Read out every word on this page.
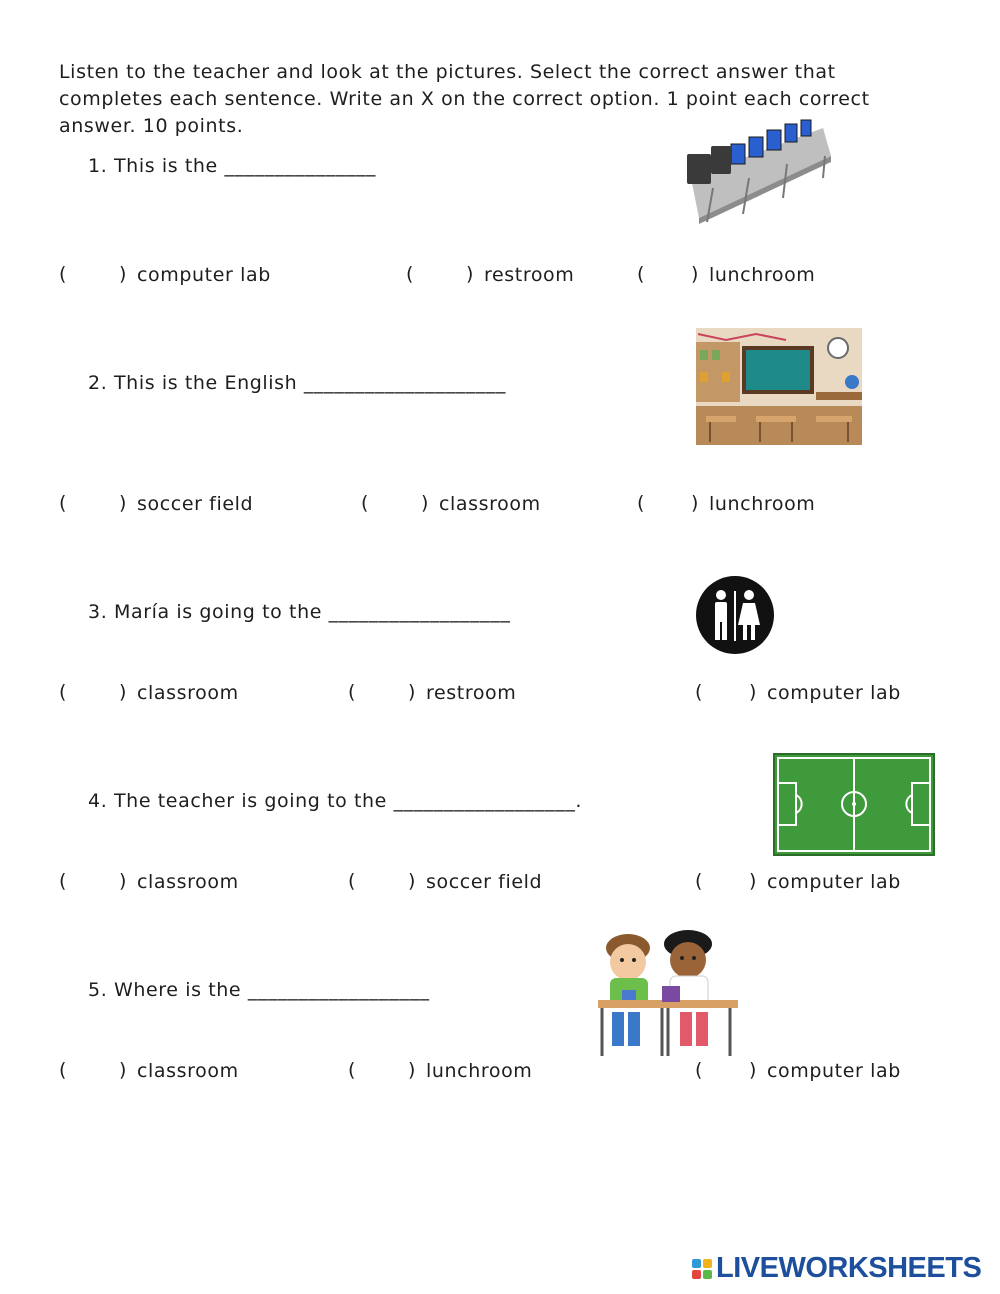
Listen to the teacher and look at the pictures. Select the correct answer that completes each sentence. Write an X on the correct option. 1 point each correct answer. 10 points.
1. This is the _______________
(	) computer lab	(	) restroom	( ) lunchroom
2. This is the English ____________________
(	) soccer field	(	) classroom	( ) lunchroom
3. María is going to the __________________
(	) classroom	(	) restroom	( ) computer lab
4. The teacher is going to the __________________.
(	) classroom	(	) soccer field	( ) computer lab
5. Where is the __________________
(	) classroom	(	) lunchroom	( ) computer lab
LIVEWORKSHEETS
